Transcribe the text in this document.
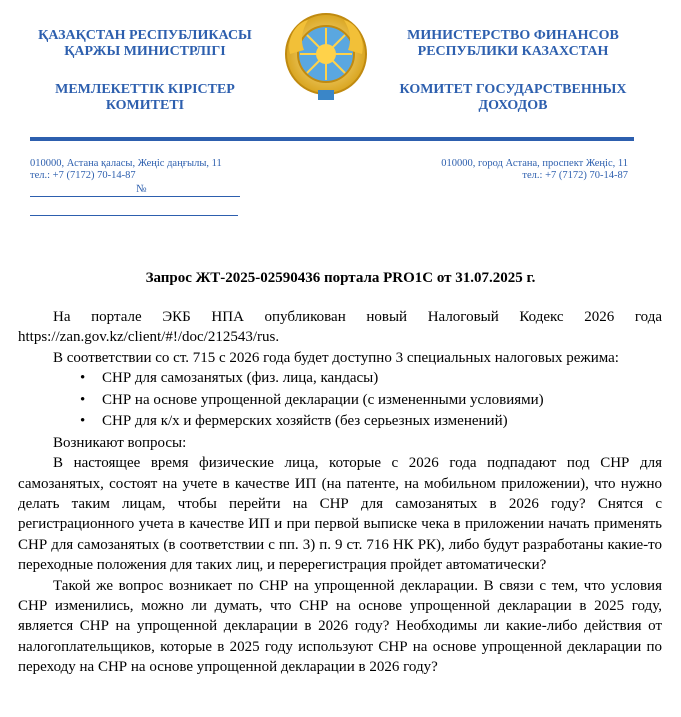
ҚАЗАҚСТАН РЕСПУБЛИКАСЫ
ҚАРЖЫ МИНИСТРЛІГІ
МЕМЛЕКЕТТІК КІРІСТЕР
КОМИТЕТІ
МИНИСТЕРСТВО ФИНАНСОВ
РЕСПУБЛИКИ КАЗАХСТАН
КОМИТЕТ ГОСУДАРСТВЕННЫХ
ДОХОДОВ
010000, Астана қаласы, Жеңіс даңғылы, 11
тел.: +7 (7172) 70-14-87
010000, город Астана, проспект Жеңіс, 11
тел.: +7 (7172) 70-14-87
№
Запрос ЖТ-2025-02590436 портала PRO1C от 31.07.2025 г.

На портале ЭКБ НПА опубликован новый Налоговый Кодекс 2026 года https://zan.gov.kz/client/#!/doc/212543/rus.

В соответствии со ст. 715 с 2026 года будет доступно 3 специальных налоговых режима:

• СНР для самозанятых (физ. лица, кандасы)
• СНР на основе упрощенной декларации (с измененными условиями)
• СНР для к/х и фермерских хозяйств (без серьезных изменений)

Возникают вопросы:

В настоящее время физические лица, которые с 2026 года подпадают под СНР для самозанятых, состоят на учете в качестве ИП (на патенте, на мобильном приложении), что нужно делать таким лицам, чтобы перейти на СНР для самозанятых в 2026 году? Снятся с регистрационного учета в качестве ИП и при первой выписке чека в приложении начать применять СНР для самозанятых (в соответствии с пп. 3) п. 9 ст. 716 НК РК), либо будут разработаны какие-то переходные положения для таких лиц, и перерегистрация пройдет автоматически?

Такой же вопрос возникает по СНР на упрощенной декларации. В связи с тем, что условия СНР изменились, можно ли думать, что СНР на основе упрощенной декларации в 2025 году, является СНР на упрощенной декларации в 2026 году? Необходимы ли какие-либо действия от налогоплательщиков, которые в 2025 году используют СНР на основе упрощенной декларации по переходу на СНР на основе упрощенной декларации в 2026 году?
